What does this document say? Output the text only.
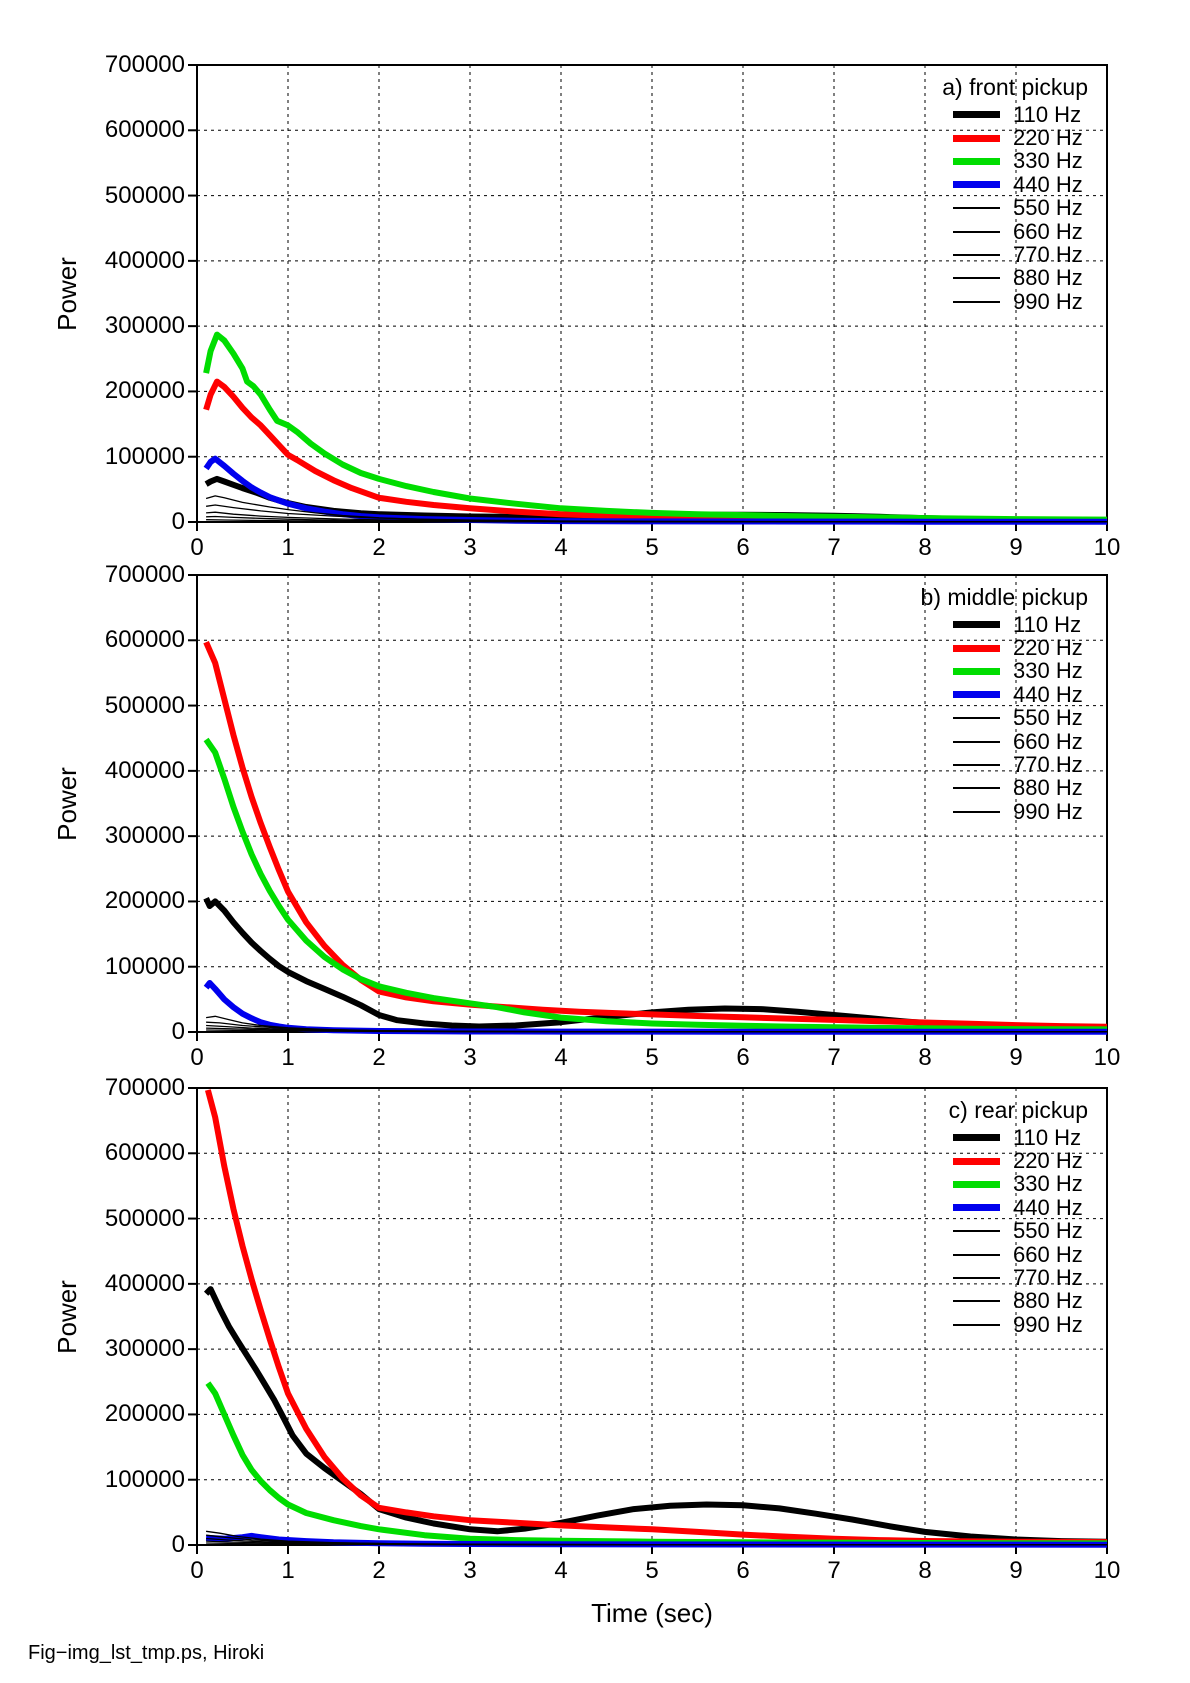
a) front pickup
110 Hz
220 Hz
330 Hz
440 Hz
550 Hz
660 Hz
770 Hz
880 Hz
990 Hz
b) middle pickup
110 Hz
220 Hz
330 Hz
440 Hz
550 Hz
660 Hz
770 Hz
880 Hz
990 Hz
c) rear pickup
110 Hz
220 Hz
330 Hz
440 Hz
550 Hz
660 Hz
770 Hz
880 Hz
990 Hz
Time (sec)
Fig−img_lst_tmp.ps, Hiroki
0
100000
200000
300000
400000
500000
600000
700000
0	1	2	3	4	5	6	7	8	9	10
Power
0
100000
200000
300000
400000
500000
600000
700000
0	1	2	3	4	5	6	7	8	9	10
Power
0
100000
200000
300000
400000
500000
600000
700000
0	1	2	3	4	5	6	7	8	9	10
Power
